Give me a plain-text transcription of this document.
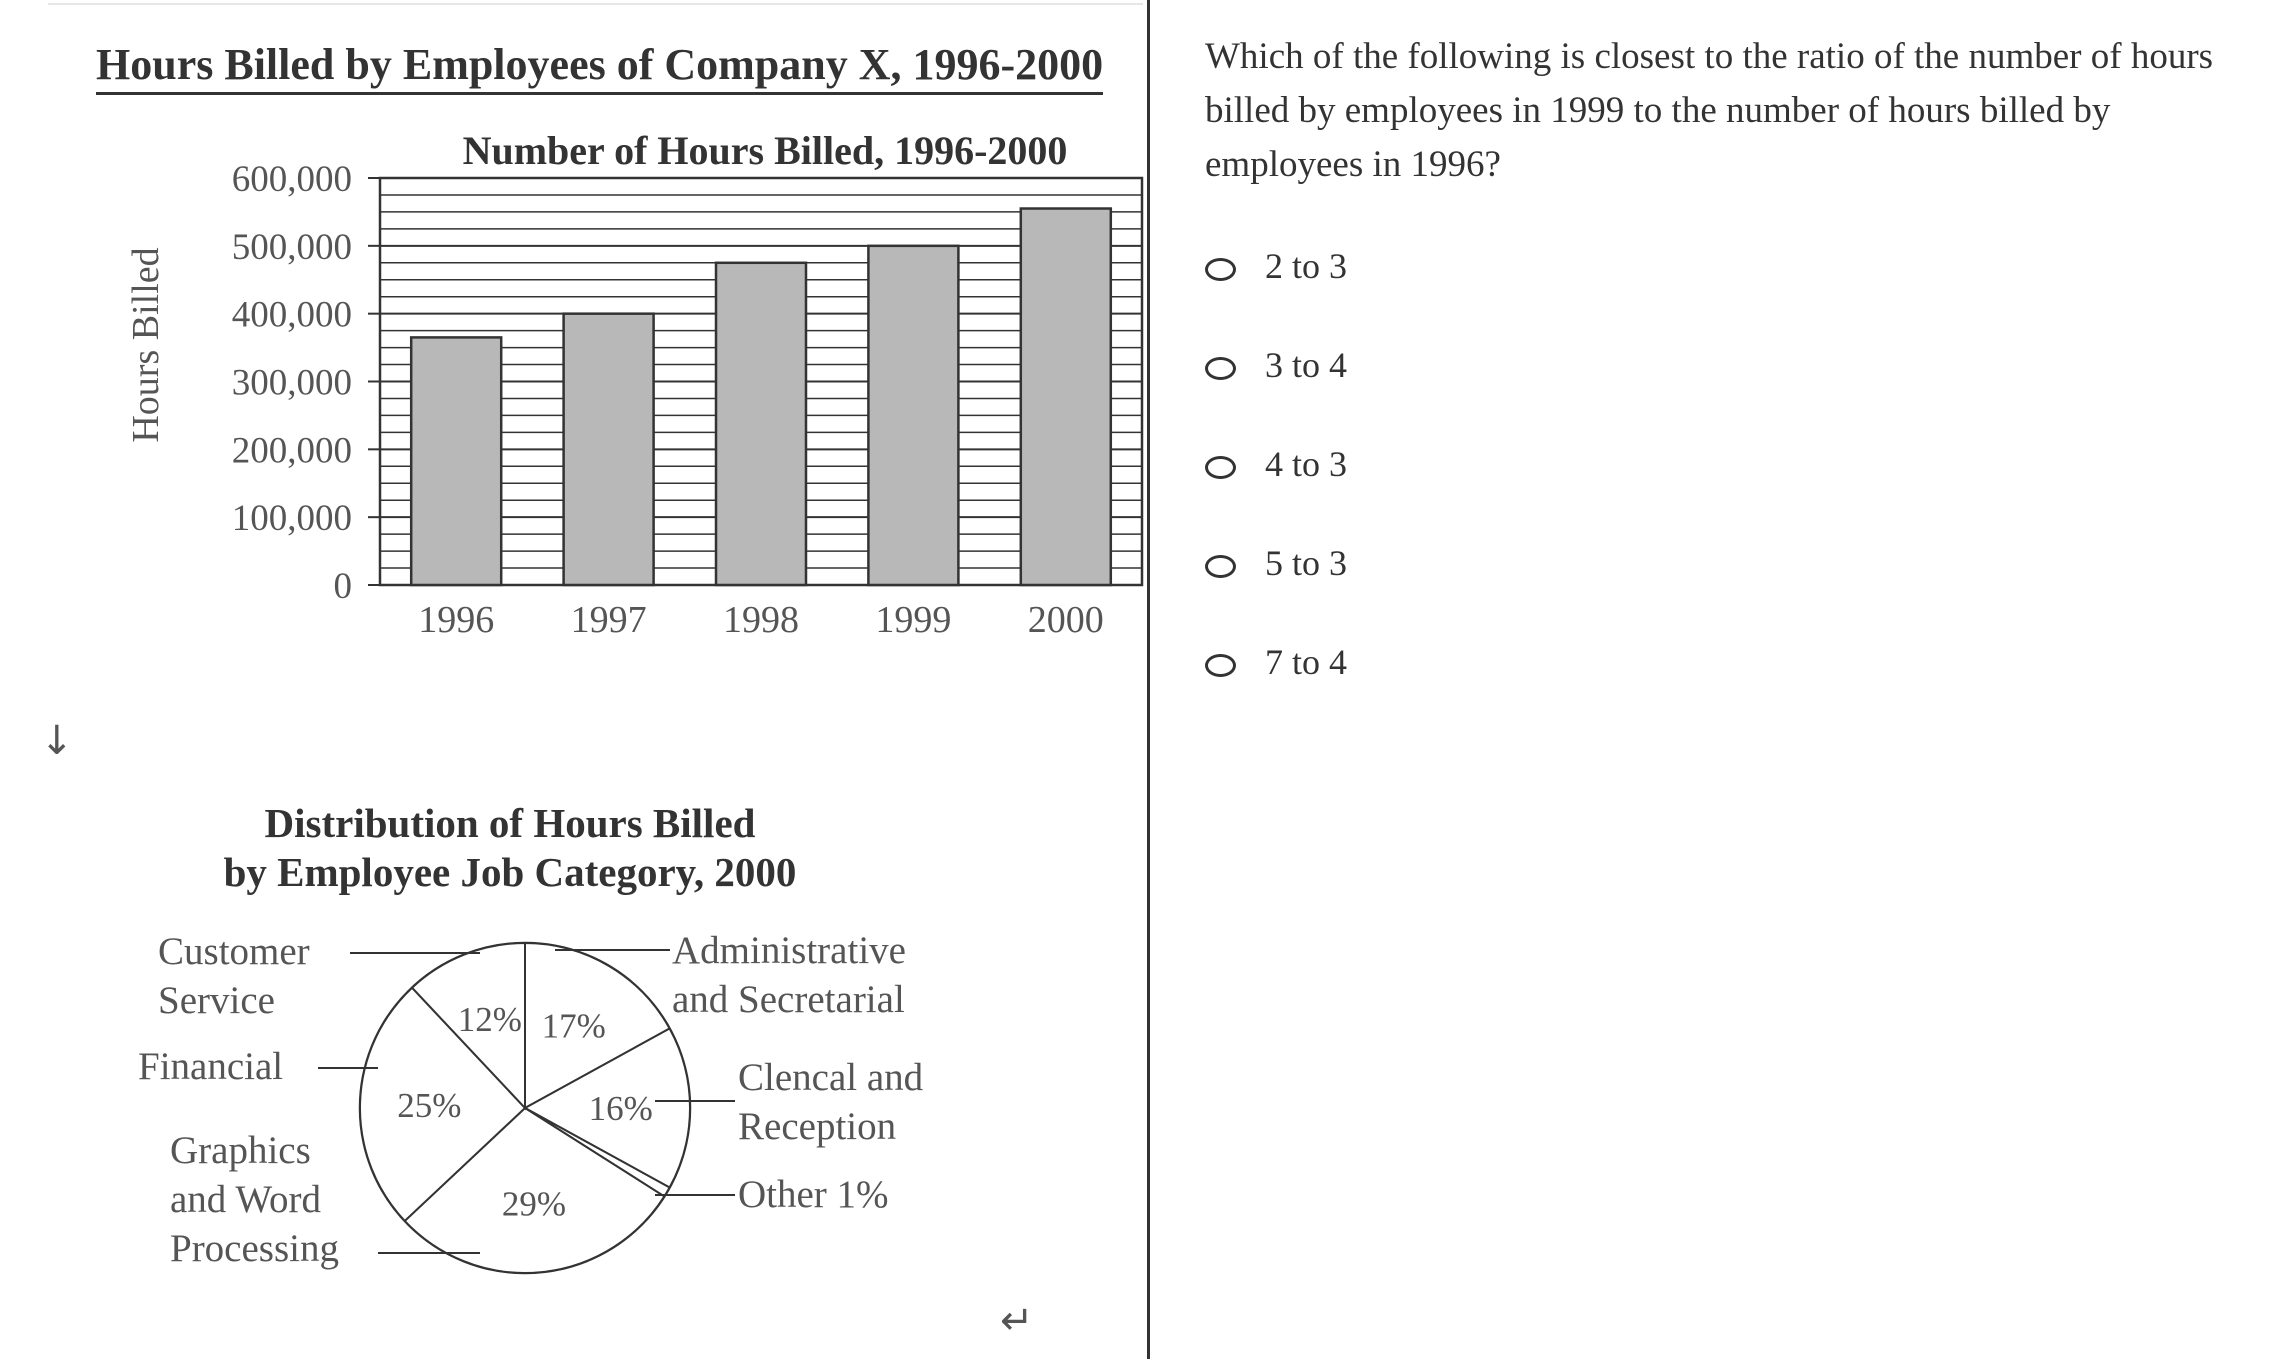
Hours Billed by Employees of Company X, 1996-2000
Number of Hours Billed, 1996-2000
0
100,000
200,000
300,000
400,000
500,000
600,000
Hours Billed
1996 1997 1998 1999 2000
Distribution of Hours Billed
by Employee Job Category, 2000
17%
16%
29%
25%
12%
Administrative
and Secretarial
Clencal and
Reception
Other 1%
Graphics
and Word
Processing
Financial
Customer
Service
↓
↵

Which of the following is closest to the ratio of the number of hours billed by employees in 1999 to the number of hours billed by employees in 1996?

2 to 3
3 to 4
4 to 3
5 to 3
7 to 4
